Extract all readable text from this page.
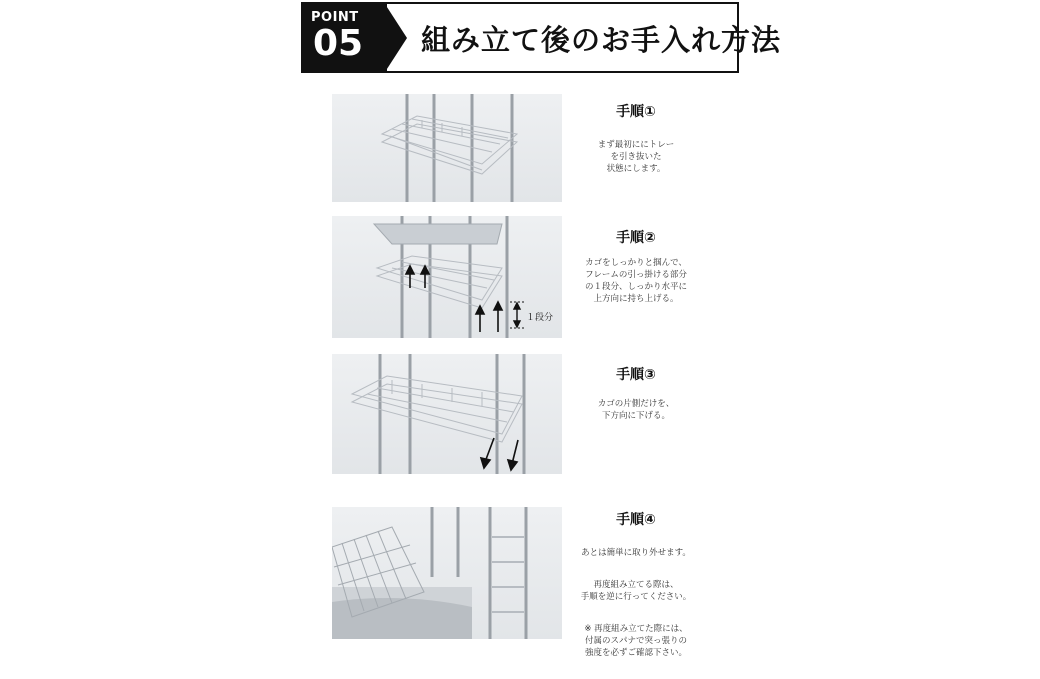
POINT
05 組み立て後のお手入れ方法
手順①
まず最初ににトレー
を引き抜いた
状態にします。
１段分
手順②
カゴをしっかりと掴んで、
フレームの引っ掛ける部分
の１段分、しっかり水平に
上方向に持ち上げる。
手順③
カゴの片側だけを、
下方向に下げる。
手順④

あとは簡単に取り外せます。

再度組み立てる際は、
手順を逆に行ってください。

※ 再度組み立てた際には、
付属のスパナで突っ張りの
強度を必ずご確認下さい。
